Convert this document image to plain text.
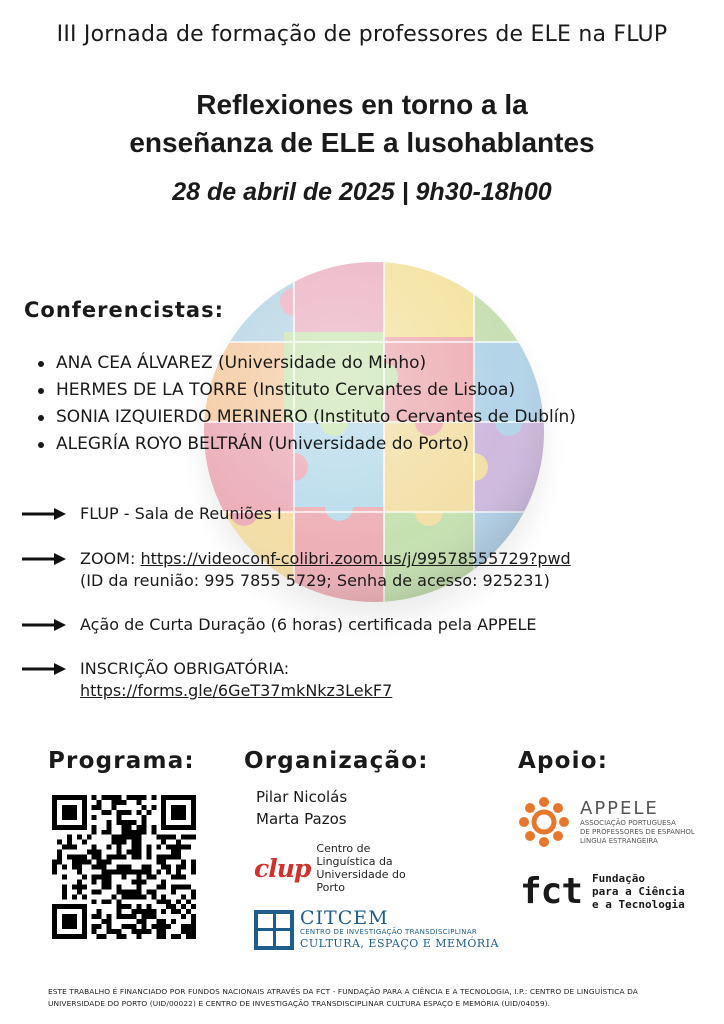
III Jornada de formação de professores de ELE na FLUP
Reflexiones en torno a la
enseñanza de ELE a lusohablantes
28 de abril de 2025 | 9h30-18h00
Conferencistas:
ANA CEA ÁLVAREZ (Universidade do Minho)
HERMES DE LA TORRE (Instituto Cervantes de Lisboa)
SONIA IZQUIERDO MERINERO (Instituto Cervantes de Dublín)
ALEGRÍA ROYO BELTRÁN (Universidade do Porto)
FLUP - Sala de Reuniões I
ZOOM: https://videoconf-colibri.zoom.us/j/99578555729?pwd
(ID da reunião: 995 7855 5729; Senha de acesso: 925231)
Ação de Curta Duração (6 horas) certificada pela APPELE
INSCRIÇÃO OBRIGATÓRIA:
https://forms.gle/6GeT37mkNkz3LekF7
Programa: Organização:	Apoio:
Pilar Nicolás
Marta Pazos
clup
Centro de
Linguística da
Universidade do
Porto
CITCEM
CENTRO DE INVESTIGAÇÃO TRANSDISCIPLINAR
CULTURA, ESPAÇO E MEMÓRIA
APPELE
ASSOCIAÇÃO PORTUGUESA
DE PROFESSORES DE ESPANHOL
LÍNGUA ESTRANGEIRA
fct Fundação
para a Ciência
e a Tecnologia
ESTE TRABALHO É FINANCIADO POR FUNDOS NACIONAIS ATRAVÉS DA FCT - FUNDAÇÃO PARA A CIÊNCIA E A TECNOLOGIA, I.P.: CENTRO DE LINGUÍSTICA DA UNIVERSIDADE DO PORTO (UID/00022) E CENTRO DE INVESTIGAÇÃO TRANSDISCIPLINAR CULTURA ESPAÇO E MEMÓRIA (UID/04059).
